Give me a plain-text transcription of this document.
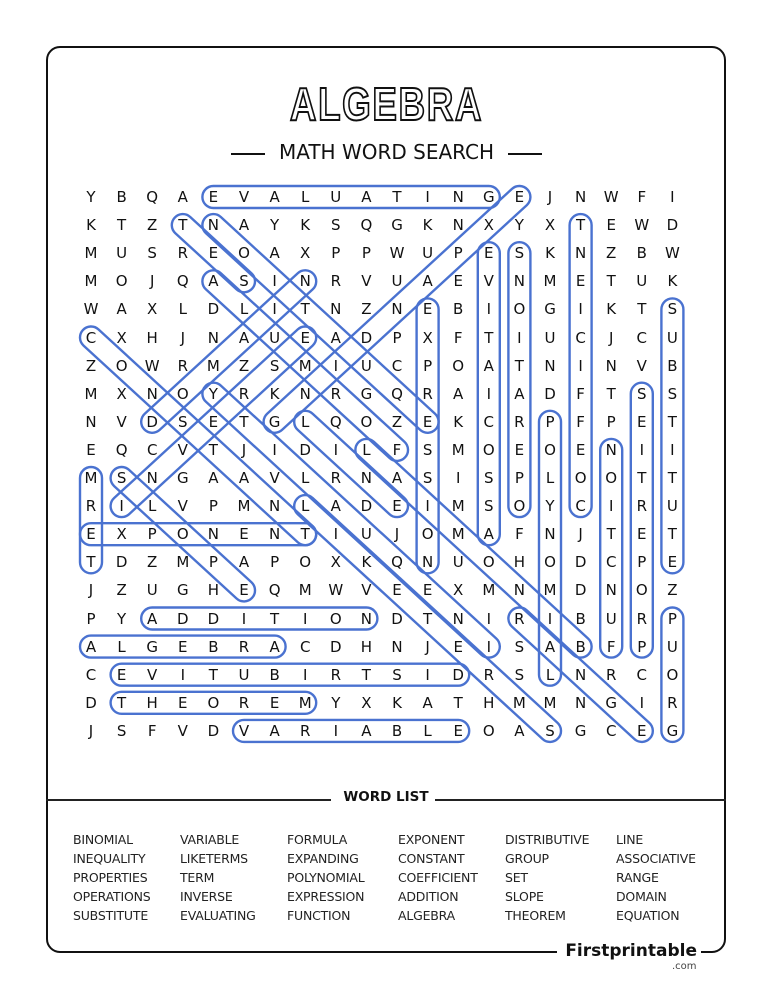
ALGEBRA
MATH WORD SEARCH
Y	B	Q	A	E	V	A	L	U	A	T	I	N	G	E	J	N	W	F	I
K	T	Z	T	N	A	Y	K	S	Q	G	K	N	X	Y	X	T	E	W	D
M	U	S	R	E	O	A	X	P	P	W	U	P	E	S	K	N	Z	B	W
M	O	J	Q	A	S	I	N	R	V	U	A	E	V	N	M	E	T	U	K
W	A	X	L	D	L	I	T	N	Z	N	E	B	I	O	G	I	K	T	S
C	X	H	J	N	A	U	E	A	D	P	X	F	T	I	U	C	J	C	U
Z	O	W	R	M	Z	S	M	I	U	C	P	O	A	T	N	I	N	V	B
M	X	N	O	Y	R	K	N	R	G	Q	R	A	I	A	D	F	T	S	S
N	V	D	S	E	T	G	L	Q	O	Z	E	K	C	R	P	F	P	E	T
E	Q	C	V	T	J	I	D	I	L	F	S	M	O	E	O	E	N	I	I
M	S	N	G	A	A	V	L	R	N	A	S	I	S	P	L	O	O	T	T
R	I	L	V	P	M	N	L	A	D	E	I	M	S	O	Y	C	I	R	U
E	X	P	O	N	E	N	T	I	U	J	O	M	A	F	N	J	T	E	T
T	D	Z	M	P	A	P	O	X	K	Q	N	U	O	H	O	D	C	P	E
J	Z	U	G	H	E	Q	M	W	V	E	E	X	M	N	M	D	N	O	Z
P	Y	A	D	D	I	T	I	O	N	D	T	N	I	R	I	B	U	R	P
A	L	G	E	B	R	A	C	D	H	N	J	E	I	S	A	B	F	P	U
C	E	V	I	T	U	B	I	R	T	S	I	D	R	S	L	N	R	C	O
D	T	H	E	O	R	E	M	Y	X	K	A	T	H	M	M	N	G	I	R
J	S	F	V	D	V	A	R	I	A	B	L	E	O	A	S	G	C	E	G
WORD LIST
BINOMIAL
INEQUALITY
PROPERTIES
OPERATIONS
SUBSTITUTE
VARIABLE
LIKETERMS
TERM
INVERSE
EVALUATING
FORMULA
EXPANDING
POLYNOMIAL
EXPRESSION
FUNCTION
EXPONENT
CONSTANT
COEFFICIENT
ADDITION
ALGEBRA
DISTRIBUTIVE
GROUP
SET
SLOPE
THEOREM
LINE
ASSOCIATIVE
RANGE
DOMAIN
EQUATION
Firstprintable
.com
